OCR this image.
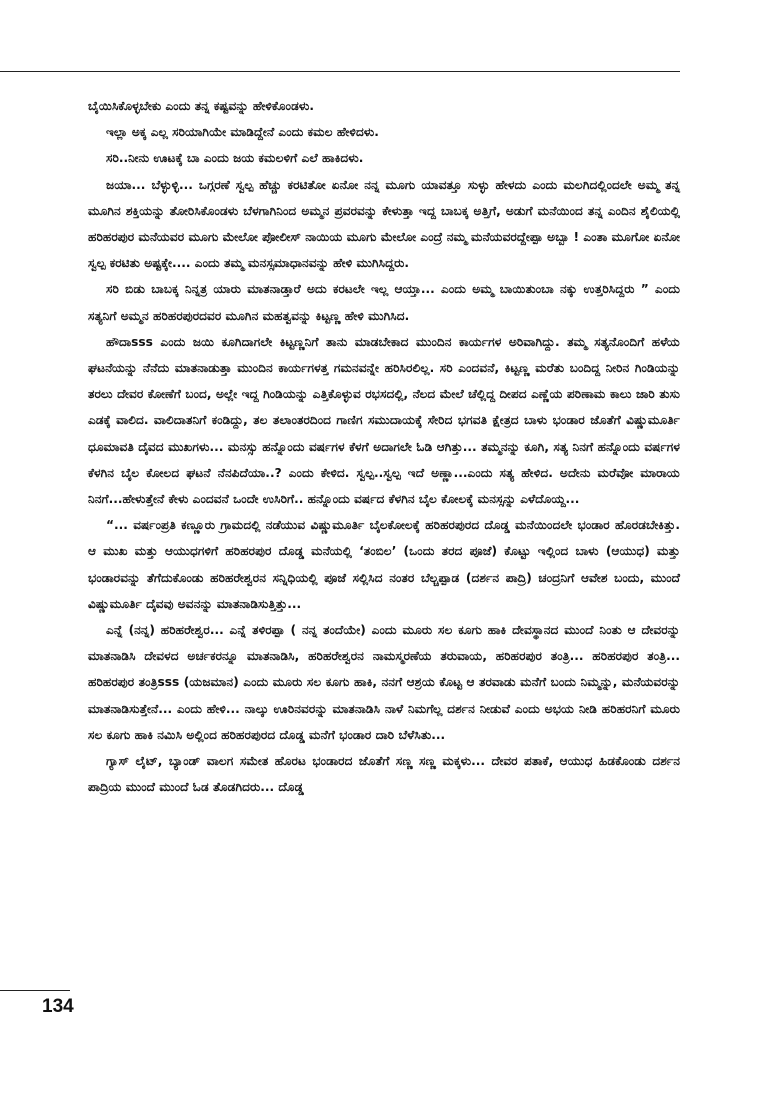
ಬೈಯಿಸಿಕೊಳ್ಳಬೇಕು ಎಂದು ತನ್ನ ಕಷ್ಟವನ್ನು ಹೇಳಿಕೊಂಡಳು.

ಇಲ್ಲಾ ಅಕ್ಕ ಎಲ್ಲ ಸರಿಯಾಗಿಯೇ ಮಾಡಿದ್ದೇನೆ ಎಂದು ಕಮಲ ಹೇಳಿದಳು.

ಸರಿ..ನೀನು ಊಟಕ್ಕೆ ಬಾ ಎಂದು ಜಯ ಕಮಲಳಿಗೆ ಎಲೆ ಹಾಕಿದಳು.

ಜಯಾ... ಬೆಳ್ಳುಳ್ಳಿ... ಒಗ್ಗರಣೆ ಸ್ವಲ್ಪ ಹೆಚ್ಚು ಕರಟಿತೋ ಏನೋ ನನ್ನ ಮೂಗು ಯಾವತ್ತೂ ಸುಳ್ಳು ಹೇಳದು ಎಂದು ಮಲಗಿದಲ್ಲಿಂದಲೇ ಅಮ್ಮ ತನ್ನ ಮೂಗಿನ ಶಕ್ತಿಯನ್ನು ತೋರಿಸಿಕೊಂಡಳು ಬೆಳಗಾಗಿನಿಂದ ಅಮ್ಮನ ಪ್ರವರವನ್ನು ಕೇಳುತ್ತಾ ಇದ್ದ ಬಾಬಕ್ಕ ಅತ್ತಿಗೆ, ಅಡುಗೆ ಮನೆಯಿಂದ ತನ್ನ ಎಂದಿನ ಶೈಲಿಯಲ್ಲಿ ಹರಿಹರಪುರ ಮನೆಯವರ ಮೂಗು ಮೇಲೋ ಪೋಲೀಸ್ ನಾಯಿಯ ಮೂಗು ಮೇಲೋ ಎಂದ್ರೆ ನಮ್ಮ ಮನೆಯವರದ್ದೇಪ್ಪಾ ಅಬ್ಬಾ ! ಎಂತಾ ಮೂಗೋ ಏನೋ ಸ್ವಲ್ಪ ಕರಟಿತು ಅಷ್ಟಕ್ಕೇ.... ಎಂದು ತಮ್ಮ ಮನಸ್ಸಮಾಧಾನವನ್ನು ಹೇಳಿ ಮುಗಿಸಿದ್ದರು.

ಸರಿ ಬಿಡು ಬಾಬಕ್ಕ ನಿನ್ನತ್ರ ಯಾರು ಮಾತನಾಡ್ತಾರೆ ಅದು ಕರಟಲೇ ಇಲ್ಲ ಆಯ್ತಾ... ಎಂದು ಅಮ್ಮ ಬಾಯಿತುಂಬಾ ನಕ್ಕು ಉತ್ತರಿಸಿದ್ದರು ” ಎಂದು ಸತ್ಯನಿಗೆ ಅಮ್ಮನ ಹರಿಹರಪುರದವರ ಮೂಗಿನ ಮಹತ್ವವನ್ನು ಕಿಟ್ಟಣ್ಣ ಹೇಳಿ ಮುಗಿಸಿದ.

ಹೌದಾsss ಎಂದು ಜಯಿ ಕೂಗಿದಾಗಲೇ ಕಿಟ್ಟಣ್ಣನಿಗೆ ತಾನು ಮಾಡಬೇಕಾದ ಮುಂದಿನ ಕಾರ್ಯಗಳ ಅರಿವಾಗಿದ್ದು. ತಮ್ಮ ಸತ್ಯನೊಂದಿಗೆ ಹಳೆಯ ಘಟನೆಯನ್ನು ನೆನೆದು ಮಾತನಾಡುತ್ತಾ ಮುಂದಿನ ಕಾರ್ಯಗಳತ್ತ ಗಮನವನ್ನೇ ಹರಿಸಿರಲಿಲ್ಲ. ಸರಿ ಎಂದವನೆ, ಕಿಟ್ಟಣ್ಣ ಮರೆತು ಬಂದಿದ್ದ ನೀರಿನ ಗಿಂಡಿಯನ್ನು ತರಲು ದೇವರ ಕೋಣೆಗೆ ಬಂದ, ಅಲ್ಲೇ ಇದ್ದ ಗಿಂಡಿಯನ್ನು ಎತ್ತಿಕೊಳ್ಳುವ ರಭಸದಲ್ಲಿ, ನೆಲದ ಮೇಲೆ ಚೆಲ್ಲಿದ್ದ ದೀಪದ ಎಣ್ಣೆಯ ಪರಿಣಾಮ ಕಾಲು ಜಾರಿ ತುಸು ಎಡಕ್ಕೆ ವಾಲಿದ. ವಾಲಿದಾತನಿಗೆ ಕಂಡಿದ್ದು, ತಲ ತಲಾಂತರದಿಂದ ಗಾಣಿಗ ಸಮುದಾಯಕ್ಕೆ ಸೇರಿದ ಭಗವತಿ ಕ್ಷೇತ್ರದ ಬಾಳು ಭಂಡಾರ ಜೊತೆಗೆ ವಿಷ್ಣುಮೂರ್ತಿ ಧೂಮಾವತಿ ದೈವದ ಮುಖಗಳು... ಮನಸ್ಸು ಹನ್ನೊಂದು ವರ್ಷಗಳ ಕೆಳಗೆ ಅದಾಗಲೇ ಓಡಿ ಆಗಿತ್ತು... ತಮ್ಮನನ್ನು ಕೂಗಿ, ಸತ್ಯ ನಿನಗೆ ಹನ್ನೊಂದು ವರ್ಷಗಳ ಕೆಳಗಿನ ಬೈಲ ಕೋಲದ ಘಟನೆ ನೆನಪಿದೆಯಾ..? ಎಂದು ಕೇಳಿದ. ಸ್ವಲ್ಪ..ಸ್ವಲ್ಪ ಇದೆ ಅಣ್ಣಾ...ಎಂದು ಸತ್ಯ ಹೇಳಿದ. ಅದೇನು ಮರೆವೋ ಮಾರಾಯ ನಿನಗೆ...ಹೇಳುತ್ತೇನೆ ಕೇಳು ಎಂದವನೆ ಒಂದೇ ಉಸಿರಿಗೆ.. ಹನ್ನೊಂದು ವರ್ಷದ ಕೆಳಗಿನ ಬೈಲ ಕೋಲಕ್ಕೆ ಮನಸ್ಸನ್ನು ಎಳೆದೊಯ್ದ...

“... ವರ್ಷಂಪ್ರತಿ ಕಣ್ಣೂರು ಗ್ರಾಮದಲ್ಲಿ ನಡೆಯುವ ವಿಷ್ಣುಮೂರ್ತಿ ಬೈಲಕೋಲಕ್ಕೆ ಹರಿಹರಪುರದ ದೊಡ್ಡ ಮನೆಯಿಂದಲೇ ಭಂಡಾರ ಹೊರಡಬೇಕಿತ್ತು. ಆ ಮುಖ ಮತ್ತು ಆಯುಧಗಳಿಗೆ ಹರಿಹರಪುರ ದೊಡ್ಡ ಮನೆಯಲ್ಲಿ ‘ತಂಬಿಲ’ (ಒಂದು ತರದ ಪೂಜೆ) ಕೊಟ್ಟು ಇಲ್ಲಿಂದ ಬಾಳು (ಆಯುಧ) ಮತ್ತು ಭಂಡಾರವನ್ನು ತೆಗೆದುಕೊಂಡು ಹರಿಹರೇಶ್ವರನ ಸನ್ನಿಧಿಯಲ್ಲಿ ಪೂಜೆ ಸಲ್ಲಿಸಿದ ನಂತರ ಬೆಲ್ಚಪ್ಪಾಡ (ದರ್ಶನ ಪಾದ್ರಿ) ಚಂದ್ರನಿಗೆ ಆವೇಶ ಬಂದು, ಮುಂದೆ ವಿಷ್ಣುಮೂರ್ತಿ ದೈವವು ಅವನನ್ನು ಮಾತನಾಡಿಸುತ್ತಿತ್ತು...

ಎನ್ನೆ (ನನ್ನ) ಹರಿಹರೇಶ್ವರ... ಎನ್ನೆ ತಳಿರಪ್ಪಾ ( ನನ್ನ ತಂದೆಯೇ) ಎಂದು ಮೂರು ಸಲ ಕೂಗು ಹಾಕಿ ದೇವಸ್ಥಾನದ ಮುಂದೆ ನಿಂತು ಆ ದೇವರನ್ನು ಮಾತನಾಡಿಸಿ ದೇವಳದ ಅರ್ಚಕರನ್ನೂ ಮಾತನಾಡಿಸಿ, ಹರಿಹರೇಶ್ವರನ ನಾಮಸ್ಮರಣೆಯ ತರುವಾಯ, ಹರಿಹರಪುರ ತಂತ್ರಿ... ಹರಿಹರಪುರ ತಂತ್ರಿ... ಹರಿಹರಪುರ ತಂತ್ರಿsss (ಯಜಮಾನ) ಎಂದು ಮೂರು ಸಲ ಕೂಗು ಹಾಕಿ, ನನಗೆ ಆಶ್ರಯ ಕೊಟ್ಟ ಆ ತರವಾಡು ಮನೆಗೆ ಬಂದು ನಿಮ್ಮನ್ನು, ಮನೆಯವರನ್ನು ಮಾತನಾಡಿಸುತ್ತೇನೆ... ಎಂದು ಹೇಳಿ... ನಾಲ್ಕು ಊರಿನವರನ್ನು ಮಾತನಾಡಿಸಿ ನಾಳೆ ನಿಮಗೆಲ್ಲ ದರ್ಶನ ನೀಡುವೆ ಎಂದು ಅಭಯ ನೀಡಿ ಹರಿಹರನಿಗೆ ಮೂರು ಸಲ ಕೂಗು ಹಾಕಿ ನಮಿಸಿ ಅಲ್ಲಿಂದ ಹರಿಹರಪುರದ ದೊಡ್ಡ ಮನೆಗೆ ಭಂಡಾರ ದಾರಿ ಬೆಳೆಸಿತು...

ಗ್ಯಾಸ್ ಲೈಟ್, ಬ್ಯಾಂಡ್ ವಾಲಗ ಸಮೇತ ಹೊರಟ ಭಂಡಾರದ ಜೊತೆಗೆ ಸಣ್ಣ ಸಣ್ಣ ಮಕ್ಕಳು... ದೇವರ ಪತಾಕೆ, ಆಯುಧ ಹಿಡಕೊಂಡು ದರ್ಶನ ಪಾದ್ರಿಯ ಮುಂದೆ ಮುಂದೆ ಓಡ ತೊಡಗಿದರು... ದೊಡ್ಡ

134
